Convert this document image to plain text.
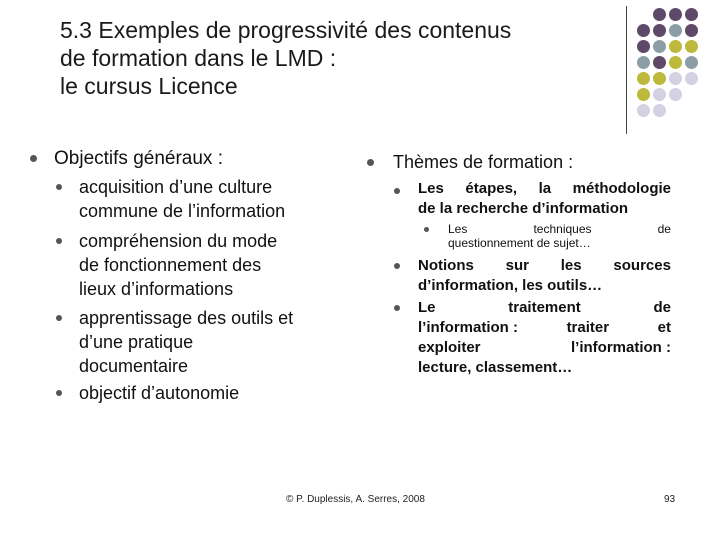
5.3 Exemples de progressivité des contenus
de formation dans le LMD :
le cursus Licence
Objectifs généraux :
acquisition d’une culture
commune de l’information
compréhension du mode
de fonctionnement des
lieux d’informations
apprentissage des outils et
d’une pratique
documentaire
objectif d’autonomie
Thèmes de formation :
Les étapes, la méthodologie
de la recherche d’information
Les	techniques	de
questionnement de sujet…
Notions sur les sources
d’information, les outils…
Le	traitement	de
l’information :	traiter	et
exploiter	l’information :
lecture, classement…
© P. Duplessis, A. Serres, 2008	93
